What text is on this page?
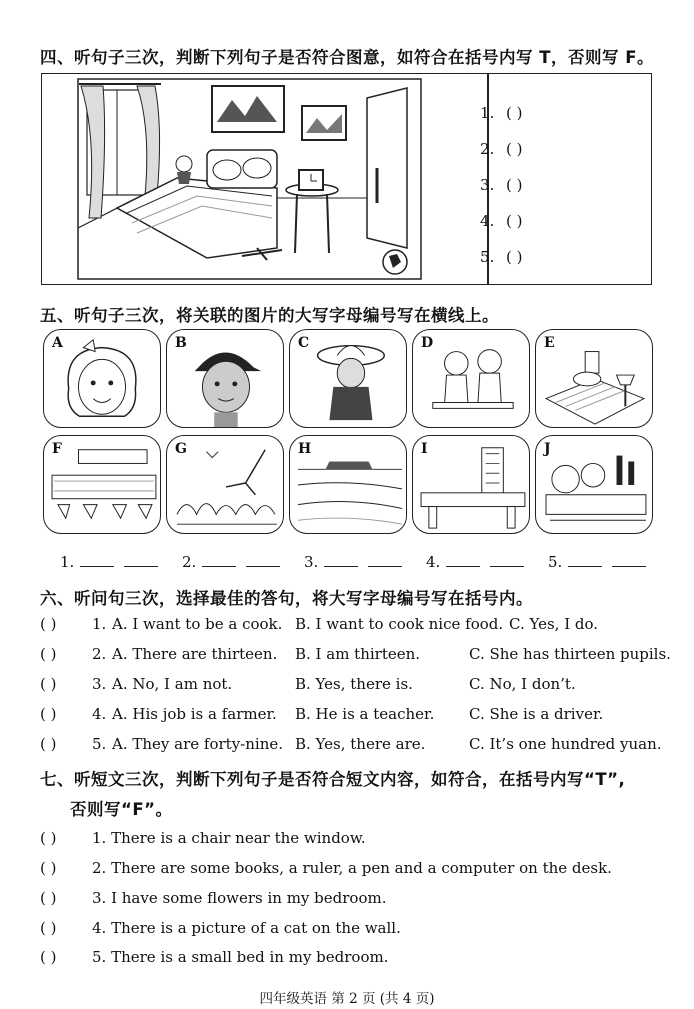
四、听句子三次，判断下列句子是否符合图意，如符合在括号内写 T，否则写 F。
1. ( )
2. ( )
3. ( )
4. ( )
5. ( )
五、听句子三次，将关联的图片的大写字母编号写在横线上。
A	B	C	D	E
F	G	H	I	J
1.	2.	3.	4.	5.
六、听问句三次，选择最佳的答句，将大写字母编号写在括号内。
( ) 1. A. I want to be a cook. B. I want to cook nice food. C. Yes, I do.
( ) 2. A. There are thirteen. B. I am thirteen.	C. She has thirteen pupils.
( ) 3. A. No, I am not.	B. Yes, there is.	C. No, I don’t.
( ) 4. A. His job is a farmer. B. He is a teacher. C. She is a driver.
( ) 5. A. They are forty-nine. B. Yes, there are.	C. It’s one hundred yuan.
七、听短文三次，判断下列句子是否符合短文内容，如符合，在括号内写“T”,
否则写“F”。
( ) 1. There is a chair near the window.
( ) 2. There are some books, a ruler, a pen and a computer on the desk.
( ) 3. I have some flowers in my bedroom.
( ) 4. There is a picture of a cat on the wall.
( ) 5. There is a small bed in my bedroom.
四年级英语 第 2 页 (共 4 页)
